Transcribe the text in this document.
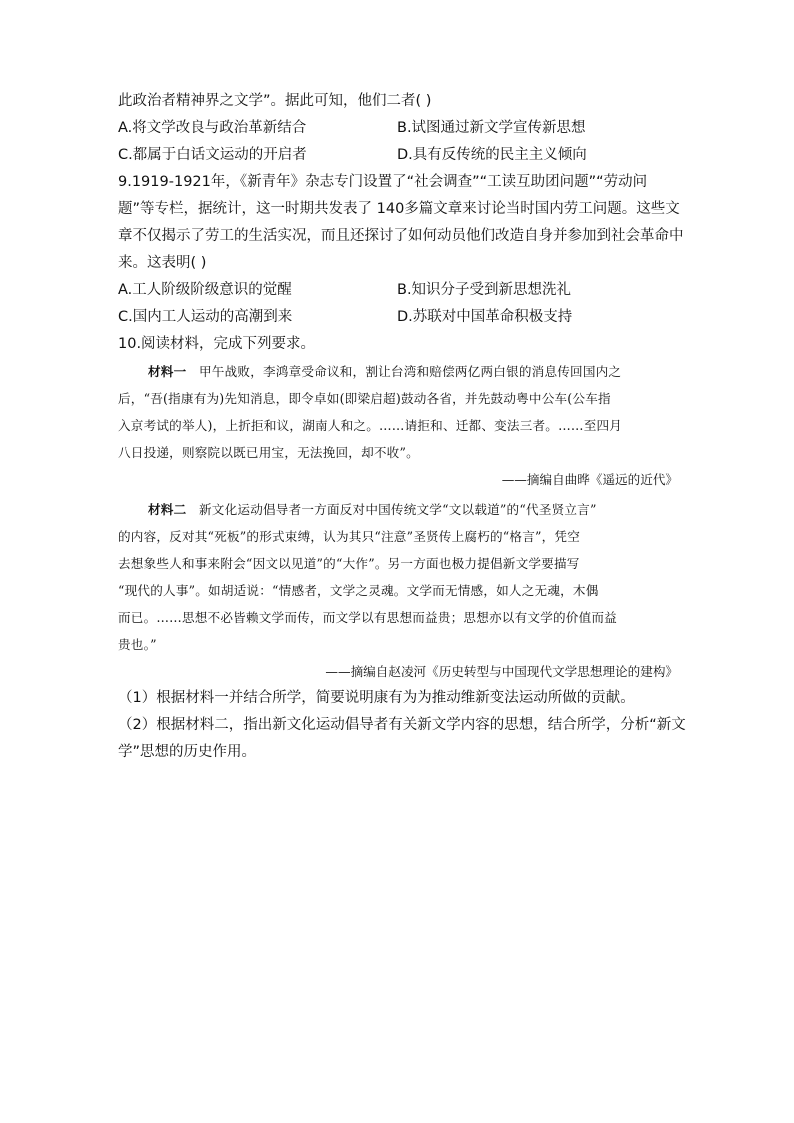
此政治者精神界之文学”。据此可知，他们二者( )
A.将文学改良与政治革新结合	B.试图通过新文学宣传新思想
C.都属于白话文运动的开启者	D.具有反传统的民主主义倾向
9.1919-1921年，《新青年》杂志专门设置了“社会调查”“工读互助团问题”“劳动问
题”等专栏，据统计，这一时期共发表了 140多篇文章来讨论当时国内劳工问题。这些文
章不仅揭示了劳工的生活实况，而且还探讨了如何动员他们改造自身并参加到社会革命中
来。这表明( )
A.工人阶级阶级意识的觉醒	B.知识分子受到新思想洗礼
C.国内工人运动的高潮到来	D.苏联对中国革命积极支持
10.阅读材料，完成下列要求。

材料一 甲午战败，李鸿章受命议和，割让台湾和赔偿两亿两白银的消息传回国内之

后，“吾(指康有为)先知消息，即令卓如(即梁启超)鼓动各省，并先鼓动粤中公车(公车指

入京考试的举人)，上折拒和议，湖南人和之。……请拒和、迁都、变法三者。……至四月

八日投递，则察院以既已用宝，无法挽回，却不收”。

——摘编自曲晔《遥远的近代》

材料二 新文化运动倡导者一方面反对中国传统文学“文以载道”的“代圣贤立言”

的内容，反对其“死板”的形式束缚，认为其只“注意”圣贤传上腐朽的“格言”，凭空

去想象些人和事来附会“因文以见道”的“大作”。另一方面也极力提倡新文学要描写

“现代的人事”。如胡适说：“情感者，文学之灵魂。文学而无情感，如人之无魂，木偶

而已。……思想不必皆赖文学而传，而文学以有思想而益贵；思想亦以有文学的价值而益

贵也。”

——摘编自赵凌河《历史转型与中国现代文学思想理论的建构》
（1）根据材料一并结合所学，简要说明康有为为推动维新变法运动所做的贡献。
（2）根据材料二，指出新文化运动倡导者有关新文学内容的思想，结合所学，分析“新文
学”思想的历史作用。
